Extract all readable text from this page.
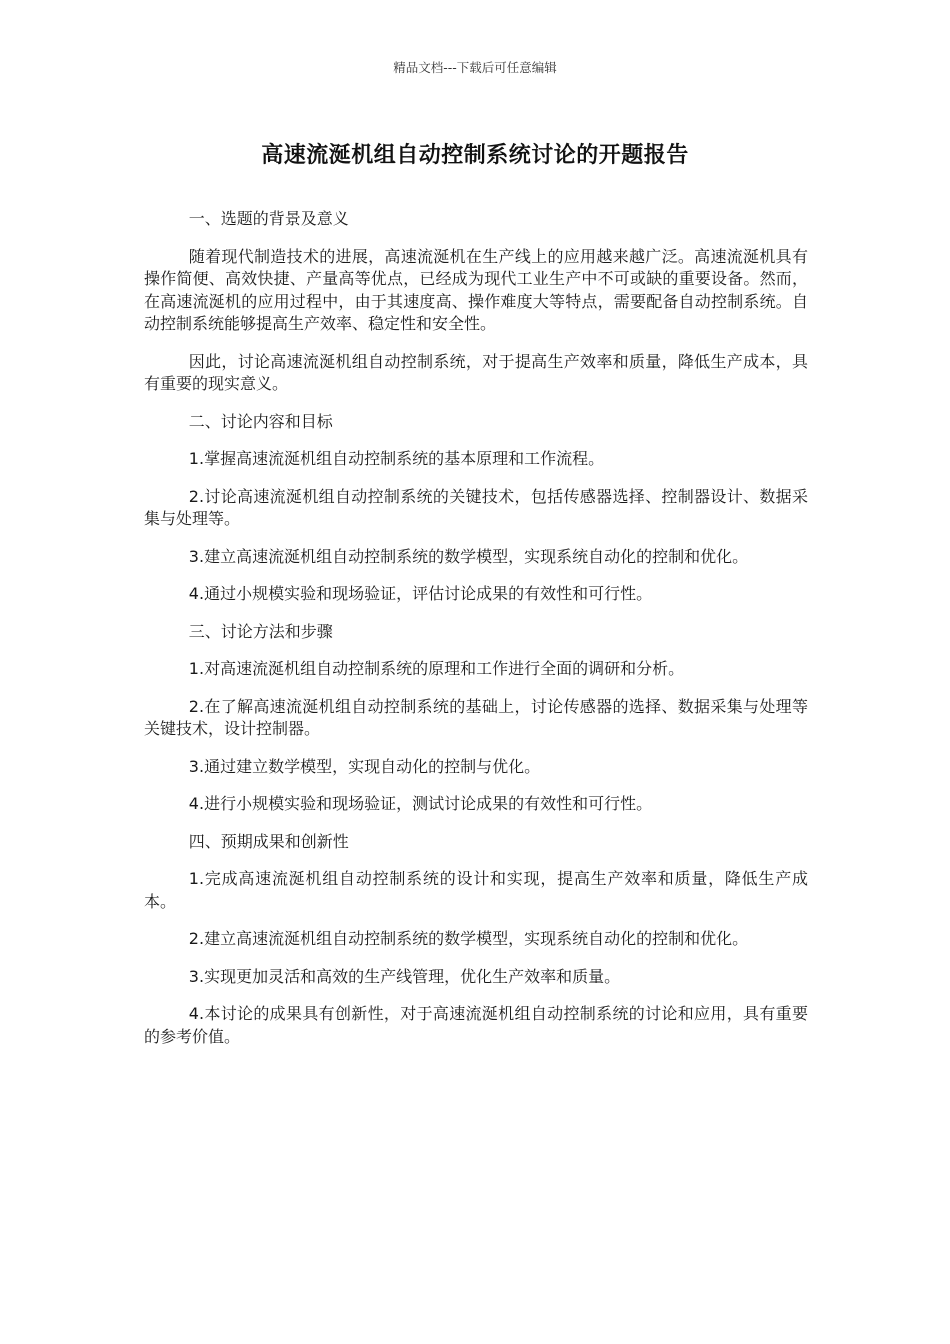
精品文档---下载后可任意编辑
高速流涎机组自动控制系统讨论的开题报告

一、选题的背景及意义

随着现代制造技术的进展，高速流涎机在生产线上的应用越来越广泛。高速流涎机具有操作简便、高效快捷、产量高等优点，已经成为现代工业生产中不可或缺的重要设备。然而，在高速流涎机的应用过程中，由于其速度高、操作难度大等特点，需要配备自动控制系统。自动控制系统能够提高生产效率、稳定性和安全性。

因此，讨论高速流涎机组自动控制系统，对于提高生产效率和质量，降低生产成本，具有重要的现实意义。

二、讨论内容和目标

1.掌握高速流涎机组自动控制系统的基本原理和工作流程。

2.讨论高速流涎机组自动控制系统的关键技术，包括传感器选择、控制器设计、数据采集与处理等。

3.建立高速流涎机组自动控制系统的数学模型，实现系统自动化的控制和优化。

4.通过小规模实验和现场验证，评估讨论成果的有效性和可行性。

三、讨论方法和步骤

1.对高速流涎机组自动控制系统的原理和工作进行全面的调研和分析。

2.在了解高速流涎机组自动控制系统的基础上，讨论传感器的选择、数据采集与处理等关键技术，设计控制器。

3.通过建立数学模型，实现自动化的控制与优化。

4.进行小规模实验和现场验证，测试讨论成果的有效性和可行性。

四、预期成果和创新性

1.完成高速流涎机组自动控制系统的设计和实现，提高生产效率和质量，降低生产成本。

2.建立高速流涎机组自动控制系统的数学模型，实现系统自动化的控制和优化。

3.实现更加灵活和高效的生产线管理，优化生产效率和质量。

4.本讨论的成果具有创新性，对于高速流涎机组自动控制系统的讨论和应用，具有重要的参考价值。
